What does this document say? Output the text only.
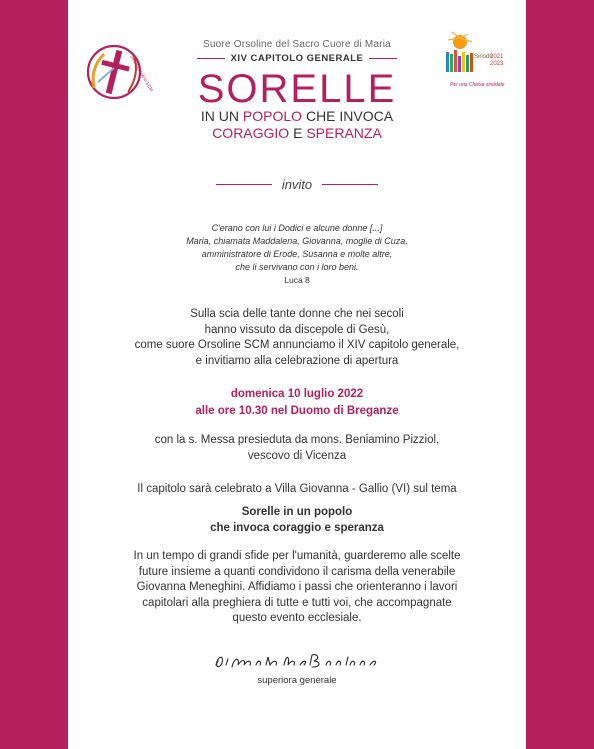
Suore Orsoline SCM	Sinodo
2021 2023
Per una Chiesa sinodale
Suore Orsoline del Sacro Cuore di Maria
XIV CAPITOLO GENERALE
SORELLE
IN UN POPOLO CHE INVOCA
CORAGGIO E SPERANZA
invito
C'erano con lui i Dodici e alcune donne [...]
Maria, chiamata Maddalena, Giovanna, moglie di Cuza,
amministratore di Erode, Susanna e molte altre,
che li servivano con i loro beni.
Luca 8
Sulla scia delle tante donne che nei secoli
hanno vissuto da discepole di Gesù,
come suore Orsoline SCM annunciamo il XIV capitolo generale,
e invitiamo alla celebrazione di apertura
domenica 10 luglio 2022
alle ore 10.30 nel Duomo di Breganze
con la s. Messa presieduta da mons. Beniamino Pizziol,
vescovo di Vicenza
Il capitolo sarà celebrato a Villa Giovanna - Gallio (VI) sul tema
Sorelle in un popolo
che invoca coraggio e speranza
In un tempo di grandi sfide per l'umanità, guarderemo alle scelte
future insieme a quanti condividono il carisma della venerabile
Giovanna Meneghini. Affidiamo i passi che orienteranno i lavori
capitolari alla preghiera di tutte e tutti voi, che accompagnate
questo evento ecclesiale.
superiora generale
